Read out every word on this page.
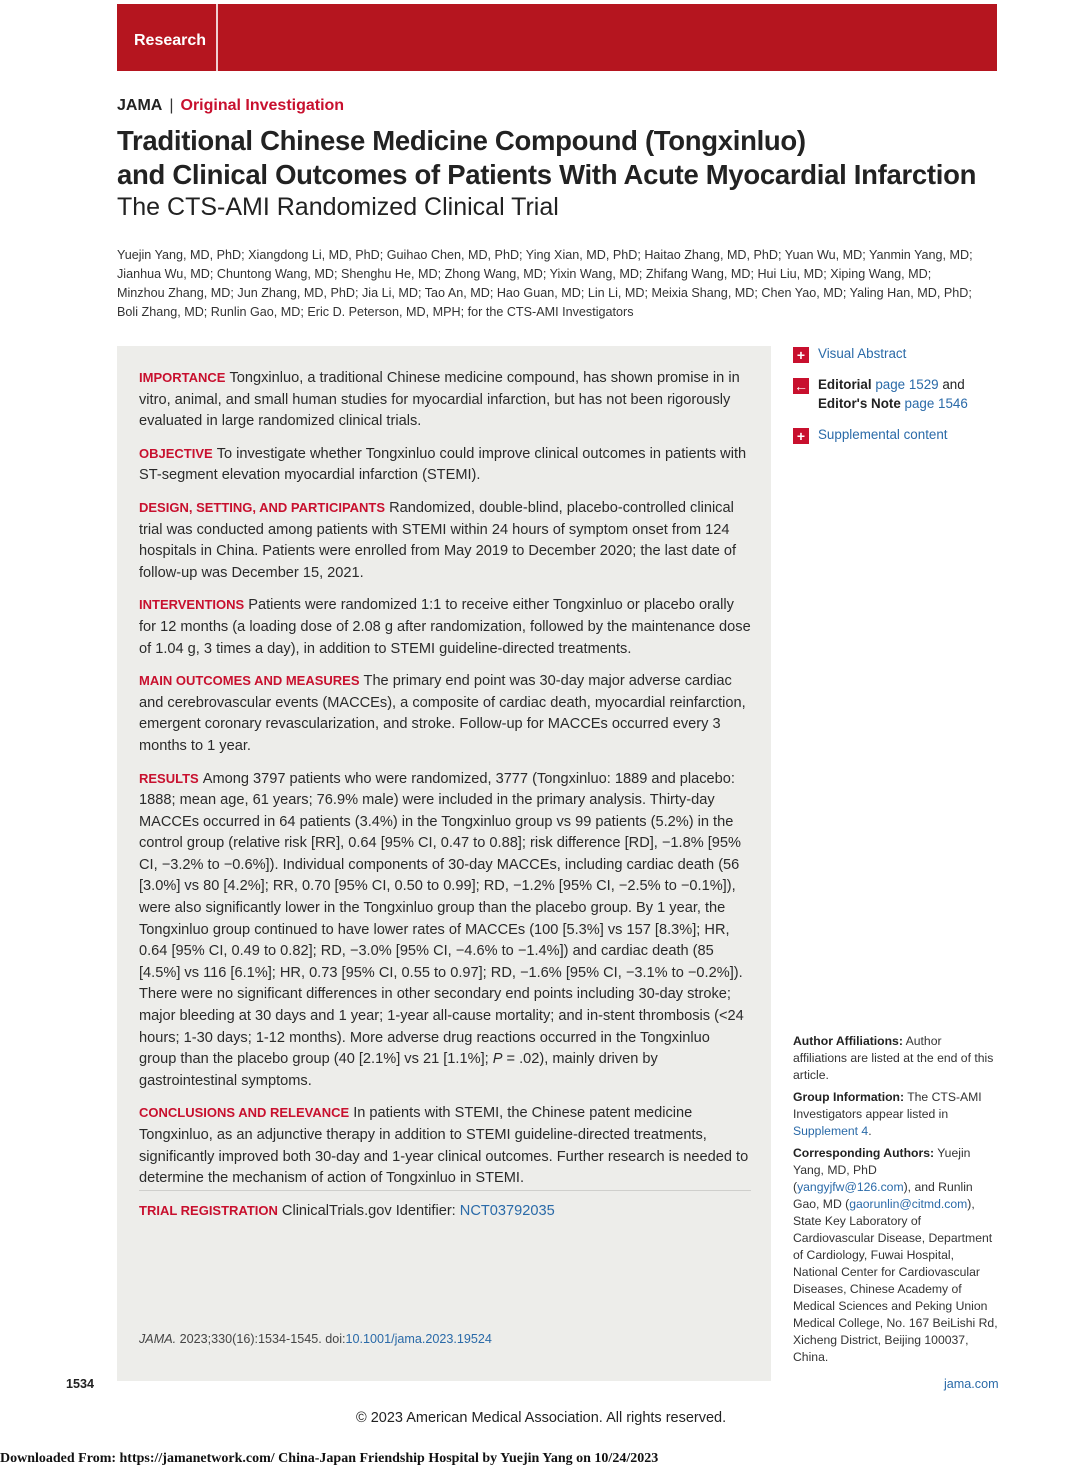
Research
JAMA | Original Investigation
Traditional Chinese Medicine Compound (Tongxinluo)
and Clinical Outcomes of Patients With Acute Myocardial Infarction
The CTS-AMI Randomized Clinical Trial
Yuejin Yang, MD, PhD; Xiangdong Li, MD, PhD; Guihao Chen, MD, PhD; Ying Xian, MD, PhD; Haitao Zhang, MD, PhD; Yuan Wu, MD; Yanmin Yang, MD;
Jianhua Wu, MD; Chuntong Wang, MD; Shenghu He, MD; Zhong Wang, MD; Yixin Wang, MD; Zhifang Wang, MD; Hui Liu, MD; Xiping Wang, MD;
Minzhou Zhang, MD; Jun Zhang, MD, PhD; Jia Li, MD; Tao An, MD; Hao Guan, MD; Lin Li, MD; Meixia Shang, MD; Chen Yao, MD; Yaling Han, MD, PhD;
Boli Zhang, MD; Runlin Gao, MD; Eric D. Peterson, MD, MPH; for the CTS-AMI Investigators

IMPORTANCE Tongxinluo, a traditional Chinese medicine compound, has shown promise in in vitro, animal, and small human studies for myocardial infarction, but has not been rigorously evaluated in large randomized clinical trials.

OBJECTIVE To investigate whether Tongxinluo could improve clinical outcomes in patients with ST-segment elevation myocardial infarction (STEMI).

DESIGN, SETTING, AND PARTICIPANTS Randomized, double-blind, placebo-controlled clinical trial was conducted among patients with STEMI within 24 hours of symptom onset from 124 hospitals in China. Patients were enrolled from May 2019 to December 2020; the last date of follow-up was December 15, 2021.

INTERVENTIONS Patients were randomized 1:1 to receive either Tongxinluo or placebo orally for 12 months (a loading dose of 2.08 g after randomization, followed by the maintenance dose of 1.04 g, 3 times a day), in addition to STEMI guideline-directed treatments.

MAIN OUTCOMES AND MEASURES The primary end point was 30-day major adverse cardiac and cerebrovascular events (MACCEs), a composite of cardiac death, myocardial reinfarction, emergent coronary revascularization, and stroke. Follow-up for MACCEs occurred every 3 months to 1 year.

RESULTS Among 3797 patients who were randomized, 3777 (Tongxinluo: 1889 and placebo: 1888; mean age, 61 years; 76.9% male) were included in the primary analysis. Thirty-day MACCEs occurred in 64 patients (3.4%) in the Tongxinluo group vs 99 patients (5.2%) in the control group (relative risk [RR], 0.64 [95% CI, 0.47 to 0.88]; risk difference [RD], −1.8% [95% CI, −3.2% to −0.6%]). Individual components of 30-day MACCEs, including cardiac death (56 [3.0%] vs 80 [4.2%]; RR, 0.70 [95% CI, 0.50 to 0.99]; RD, −1.2% [95% CI, −2.5% to −0.1%]), were also significantly lower in the Tongxinluo group than the placebo group. By 1 year, the Tongxinluo group continued to have lower rates of MACCEs (100 [5.3%] vs 157 [8.3%]; HR, 0.64 [95% CI, 0.49 to 0.82]; RD, −3.0% [95% CI, −4.6% to −1.4%]) and cardiac death (85 [4.5%] vs 116 [6.1%]; HR, 0.73 [95% CI, 0.55 to 0.97]; RD, −1.6% [95% CI, −3.1% to −0.2%]). There were no significant differences in other secondary end points including 30-day stroke; major bleeding at 30 days and 1 year; 1-year all-cause mortality; and in-stent thrombosis (<24 hours; 1-30 days; 1-12 months). More adverse drug reactions occurred in the Tongxinluo group than the placebo group (40 [2.1%] vs 21 [1.1%]; P = .02), mainly driven by gastrointestinal symptoms.

CONCLUSIONS AND RELEVANCE In patients with STEMI, the Chinese patent medicine Tongxinluo, as an adjunctive therapy in addition to STEMI guideline-directed treatments, significantly improved both 30-day and 1-year clinical outcomes. Further research is needed to determine the mechanism of action of Tongxinluo in STEMI.

TRIAL REGISTRATION ClinicalTrials.gov Identifier: NCT03792035

JAMA. 2023;330(16):1534-1545. doi:10.1001/jama.2023.19524
+ Visual Abstract
← Editorial page 1529 and
Editor's Note page 1546
+ Supplemental content

Author Affiliations: Author affiliations are listed at the end of this article.

Group Information: The CTS-AMI Investigators appear listed in Supplement 4.

Corresponding Authors: Yuejin Yang, MD, PhD (yangyjfw@126.com), and Runlin Gao, MD (gaorunlin@citmd.com), State Key Laboratory of Cardiovascular Disease, Department of Cardiology, Fuwai Hospital, National Center for Cardiovascular Diseases, Chinese Academy of Medical Sciences and Peking Union Medical College, No. 167 BeiLishi Rd, Xicheng District, Beijing 100037, China.

1534	jama.com
© 2023 American Medical Association. All rights reserved.
Downloaded From: https://jamanetwork.com/ China-Japan Friendship Hospital by Yuejin Yang on 10/24/2023
